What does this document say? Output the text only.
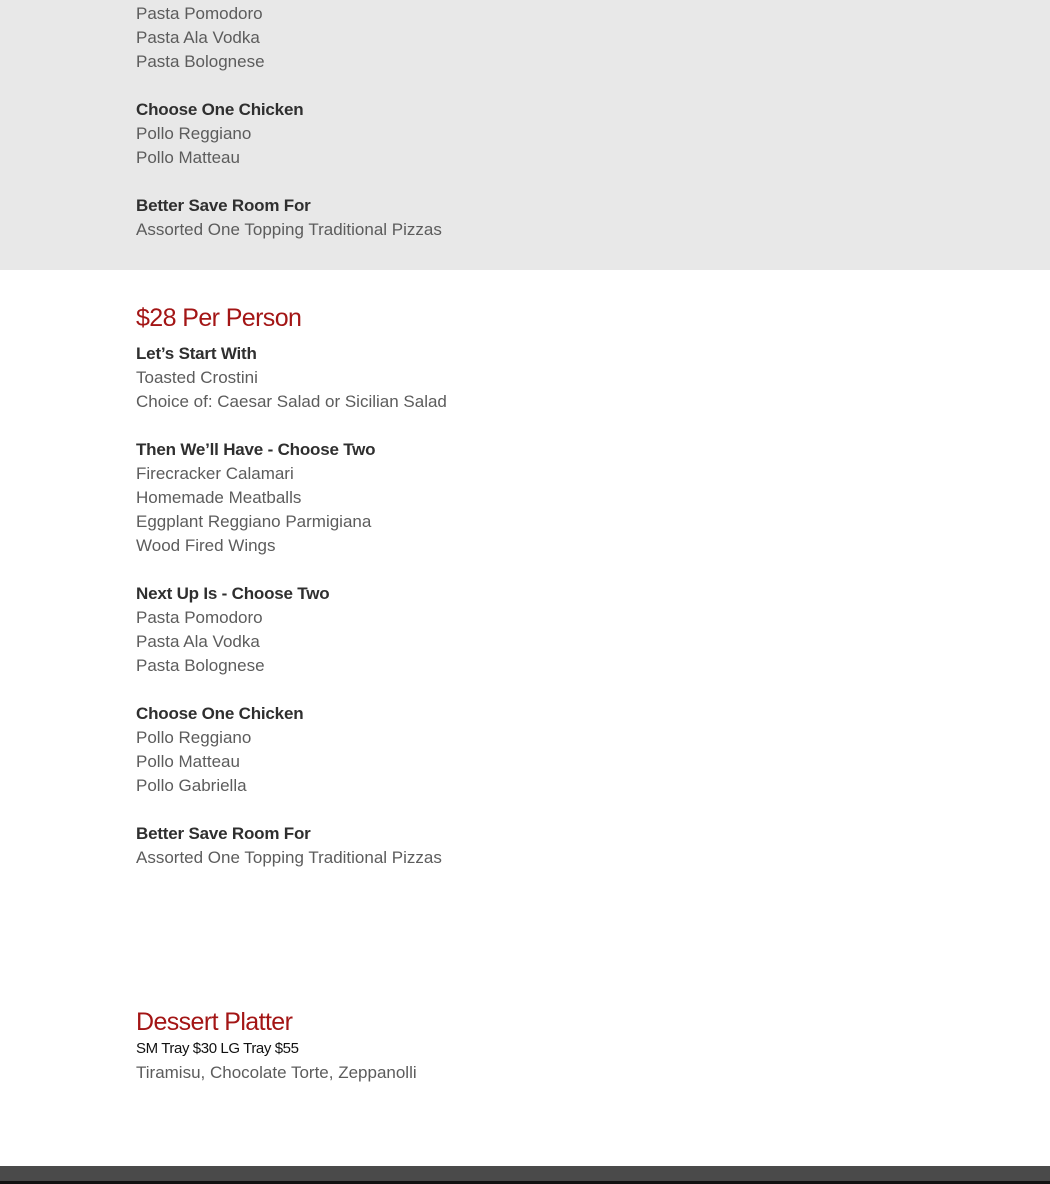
Pasta Pomodoro
Pasta Ala Vodka
Pasta Bolognese
Choose One Chicken
Pollo Reggiano
Pollo Matteau
Better Save Room For
Assorted One Topping Traditional Pizzas
$28 Per Person
Let’s Start With
Toasted Crostini
Choice of: Caesar Salad or Sicilian Salad
Then We’ll Have - Choose Two
Firecracker Calamari
Homemade Meatballs
Eggplant Reggiano Parmigiana
Wood Fired Wings
Next Up Is - Choose Two
Pasta Pomodoro
Pasta Ala Vodka
Pasta Bolognese
Choose One Chicken
Pollo Reggiano
Pollo Matteau
Pollo Gabriella
Better Save Room For
Assorted One Topping Traditional Pizzas
Dessert Platter
SM Tray $30 LG Tray $55
Tiramisu, Chocolate Torte, Zeppanolli
